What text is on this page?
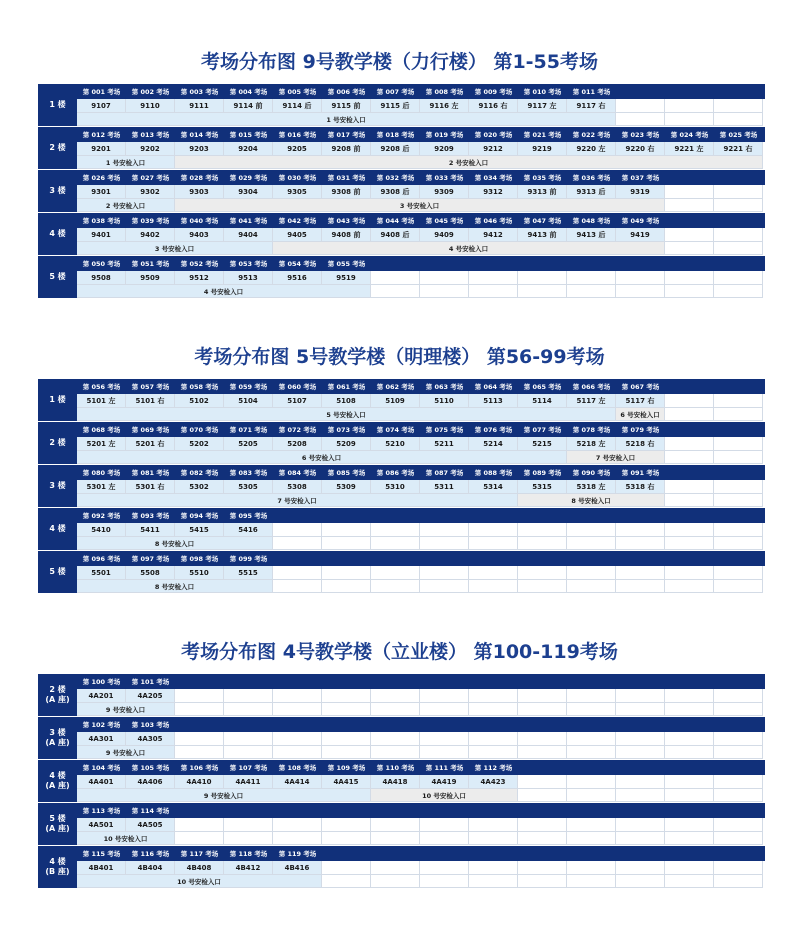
考场分布图 9号教学楼（力行楼） 第1-55考场
1 楼
第 001 考场	第 002 考场	第 003 考场	第 004 考场	第 005 考场	第 006 考场	第 007 考场	第 008 考场	第 009 考场	第 010 考场	第 011 考场
9107	9110	9111	9114 前	9114 后	9115 前	9115 后	9116 左	9116 右	9117 左	9117 右
1 号安检入口
2 楼
第 012 考场	第 013 考场	第 014 考场	第 015 考场	第 016 考场	第 017 考场	第 018 考场	第 019 考场	第 020 考场	第 021 考场	第 022 考场	第 023 考场	第 024 考场	第 025 考场
9201	9202	9203	9204	9205	9208 前	9208 后	9209	9212	9219	9220 左	9220 右	9221 左	9221 右
1 号安检入口	2 号安检入口
3 楼
第 026 考场	第 027 考场	第 028 考场	第 029 考场	第 030 考场	第 031 考场	第 032 考场	第 033 考场	第 034 考场	第 035 考场	第 036 考场	第 037 考场
9301	9302	9303	9304	9305	9308 前	9308 后	9309	9312	9313 前	9313 后	9319
2 号安检入口	3 号安检入口
4 楼
第 038 考场	第 039 考场	第 040 考场	第 041 考场	第 042 考场	第 043 考场	第 044 考场	第 045 考场	第 046 考场	第 047 考场	第 048 考场	第 049 考场
9401	9402	9403	9404	9405	9408 前	9408 后	9409	9412	9413 前	9413 后	9419
3 号安检入口	4 号安检入口
5 楼
第 050 考场	第 051 考场	第 052 考场	第 053 考场	第 054 考场	第 055 考场
9508	9509	9512	9513	9516	9519
4 号安检入口
考场分布图 5号教学楼（明理楼） 第56-99考场
1 楼
第 056 考场	第 057 考场	第 058 考场	第 059 考场	第 060 考场	第 061 考场	第 062 考场	第 063 考场	第 064 考场	第 065 考场	第 066 考场	第 067 考场
5101 左	5101 右	5102	5104	5107	5108	5109	5110	5113	5114	5117 左	5117 右
5 号安检入口	6 号安检入口
2 楼
第 068 考场	第 069 考场	第 070 考场	第 071 考场	第 072 考场	第 073 考场	第 074 考场	第 075 考场	第 076 考场	第 077 考场	第 078 考场	第 079 考场
5201 左	5201 右	5202	5205	5208	5209	5210	5211	5214	5215	5218 左	5218 右
6 号安检入口	7 号安检入口
3 楼
第 080 考场	第 081 考场	第 082 考场	第 083 考场	第 084 考场	第 085 考场	第 086 考场	第 087 考场	第 088 考场	第 089 考场	第 090 考场	第 091 考场
5301 左	5301 右	5302	5305	5308	5309	5310	5311	5314	5315	5318 左	5318 右
7 号安检入口	8 号安检入口
4 楼
第 092 考场	第 093 考场	第 094 考场	第 095 考场
5410	5411	5415	5416
8 号安检入口
5 楼
第 096 考场	第 097 考场	第 098 考场	第 099 考场
5501	5508	5510	5515
8 号安检入口
考场分布图 4号教学楼（立业楼） 第100-119考场
2 楼
(A 座)
第 100 考场	第 101 考场
4A201	4A205
9 号安检入口
3 楼
(A 座)
第 102 考场	第 103 考场
4A301	4A305
9 号安检入口
4 楼
(A 座)
第 104 考场	第 105 考场	第 106 考场	第 107 考场	第 108 考场	第 109 考场	第 110 考场	第 111 考场	第 112 考场
4A401	4A406	4A410	4A411	4A414	4A415	4A418	4A419	4A423
9 号安检入口	10 号安检入口
5 楼
(A 座)
第 113 考场	第 114 考场
4A501	4A505
10 号安检入口
4 楼
(B 座)
第 115 考场	第 116 考场	第 117 考场	第 118 考场	第 119 考场
4B401	4B404	4B408	4B412	4B416
10 号安检入口
